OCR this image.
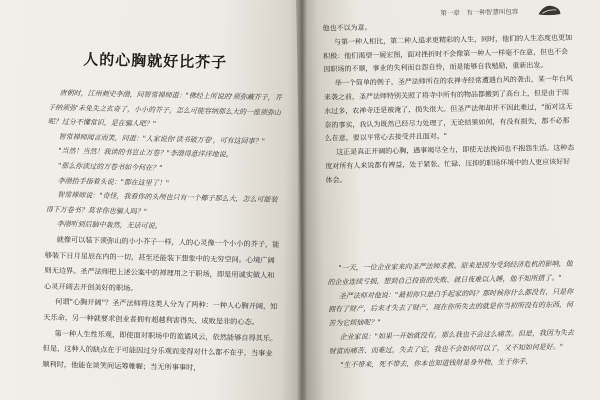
人的心胸就好比芥子

唐朝时，江州刺史李渤，问智常禅师道："佛经上所说的'须弥藏芥子，芥子纳须弥'未免失之玄奇了，小小的芥子，怎么可能容纳那么大的一座须弥山呢？过分不懂常识，是在骗人吧？"

智常禅师闻言而笑，问道："人家说你'读书破万卷'，可有这回事？"

"当然！当然！我读的书岂止万卷？"李渤得意洋洋地说。

"那么你读过的万卷书如今何在？"

李渤抬手指着头说："都在这里了！"

智常禅师说："奇怪，我看你的头颅也只有一个椰子那么大，怎么可能装得下万卷书？莫非你也骗人吗？"

李渤听到后脑中轰然，无话可说。

就像可以装下须弥山的小小芥子一样，人的心灵像一个小小的芥子，能够装下日月星辰在内的一切，甚至还能装下想象中的无穷空间。心境广阔则无边界。圣严法师把上述公案中的禅理用之于职场，即是用诚实做人和心灵开阔去开创美好的职场。

何谓"心胸开阔"？圣严法师将这类人分为了两种：一种人心胸开阔，知天乐命，另一种就要求创业者拥有超越利害得失、成败是非的心态。

第一种人生性乐观，即使面对职场中的诡谲风云，依然能够自得其乐。但是，这种人的缺点在于可能因过分乐观而变得对什么都不在乎，当事业顺利时，他能在谈笑间运筹帷幄；当无所事事时，

第一章　有一种智慧叫包容

他也不以为意。

与第一种人相比，第二种人追求更精彩的人生，同时，他们的人生态度也更加积极：他们渴望一展宏图，面对挫折时不会像第一种人一样毫不在意，但也不会因职场的不顺，事业的失利而自怨自怜，而是能够自我勉励，重新出发。

举一个简单的例子，圣严法师所在的农禅寺经常遭遇台风的袭击，某一年台风来袭之前，圣严法师特别关照了将寺中所有的物品都搬到了高台上，但是由于雨水过多，农禅寺还是被淹了，损失很大。但圣严法师却并不因此难过，"面对这无奈的事实，我认为既然已经尽力处理了，无论结果如何，有没有损失，都不必那么在意，要以平常心去接受并且面对。"

这正是真正开阔的心胸，遇事竭尽全力，即使无法挽回也不抱怨生活。这种态度对所有人来说都有裨益，处于紧张、忙碌、压抑的职场环境中的人更应该好好体会。

"一天，一位企业家来向圣严法师求教。原来是因为受到经济危机的影响，他的企业连续亏损，想到自己投资的失败、就日夜难以入睡，他不知所措了。"

圣严法师对他说："最初你只是白手起家的吗？那时候你什么都没有，只是你拥有了财产，后来才失去了财产，现在你所失去的就是你当初所没有的东西，何苦为它烦恼呢？"

企业家说："如果一开始就没有，那么我也不会这么痛苦。但是，我因为失去财富而痛苦、而难过，失去了它，我也不会如何可以了，又不知如何是好。"

"生不带来，死不带去，你本也知道钱财是身外物，生于你手，
